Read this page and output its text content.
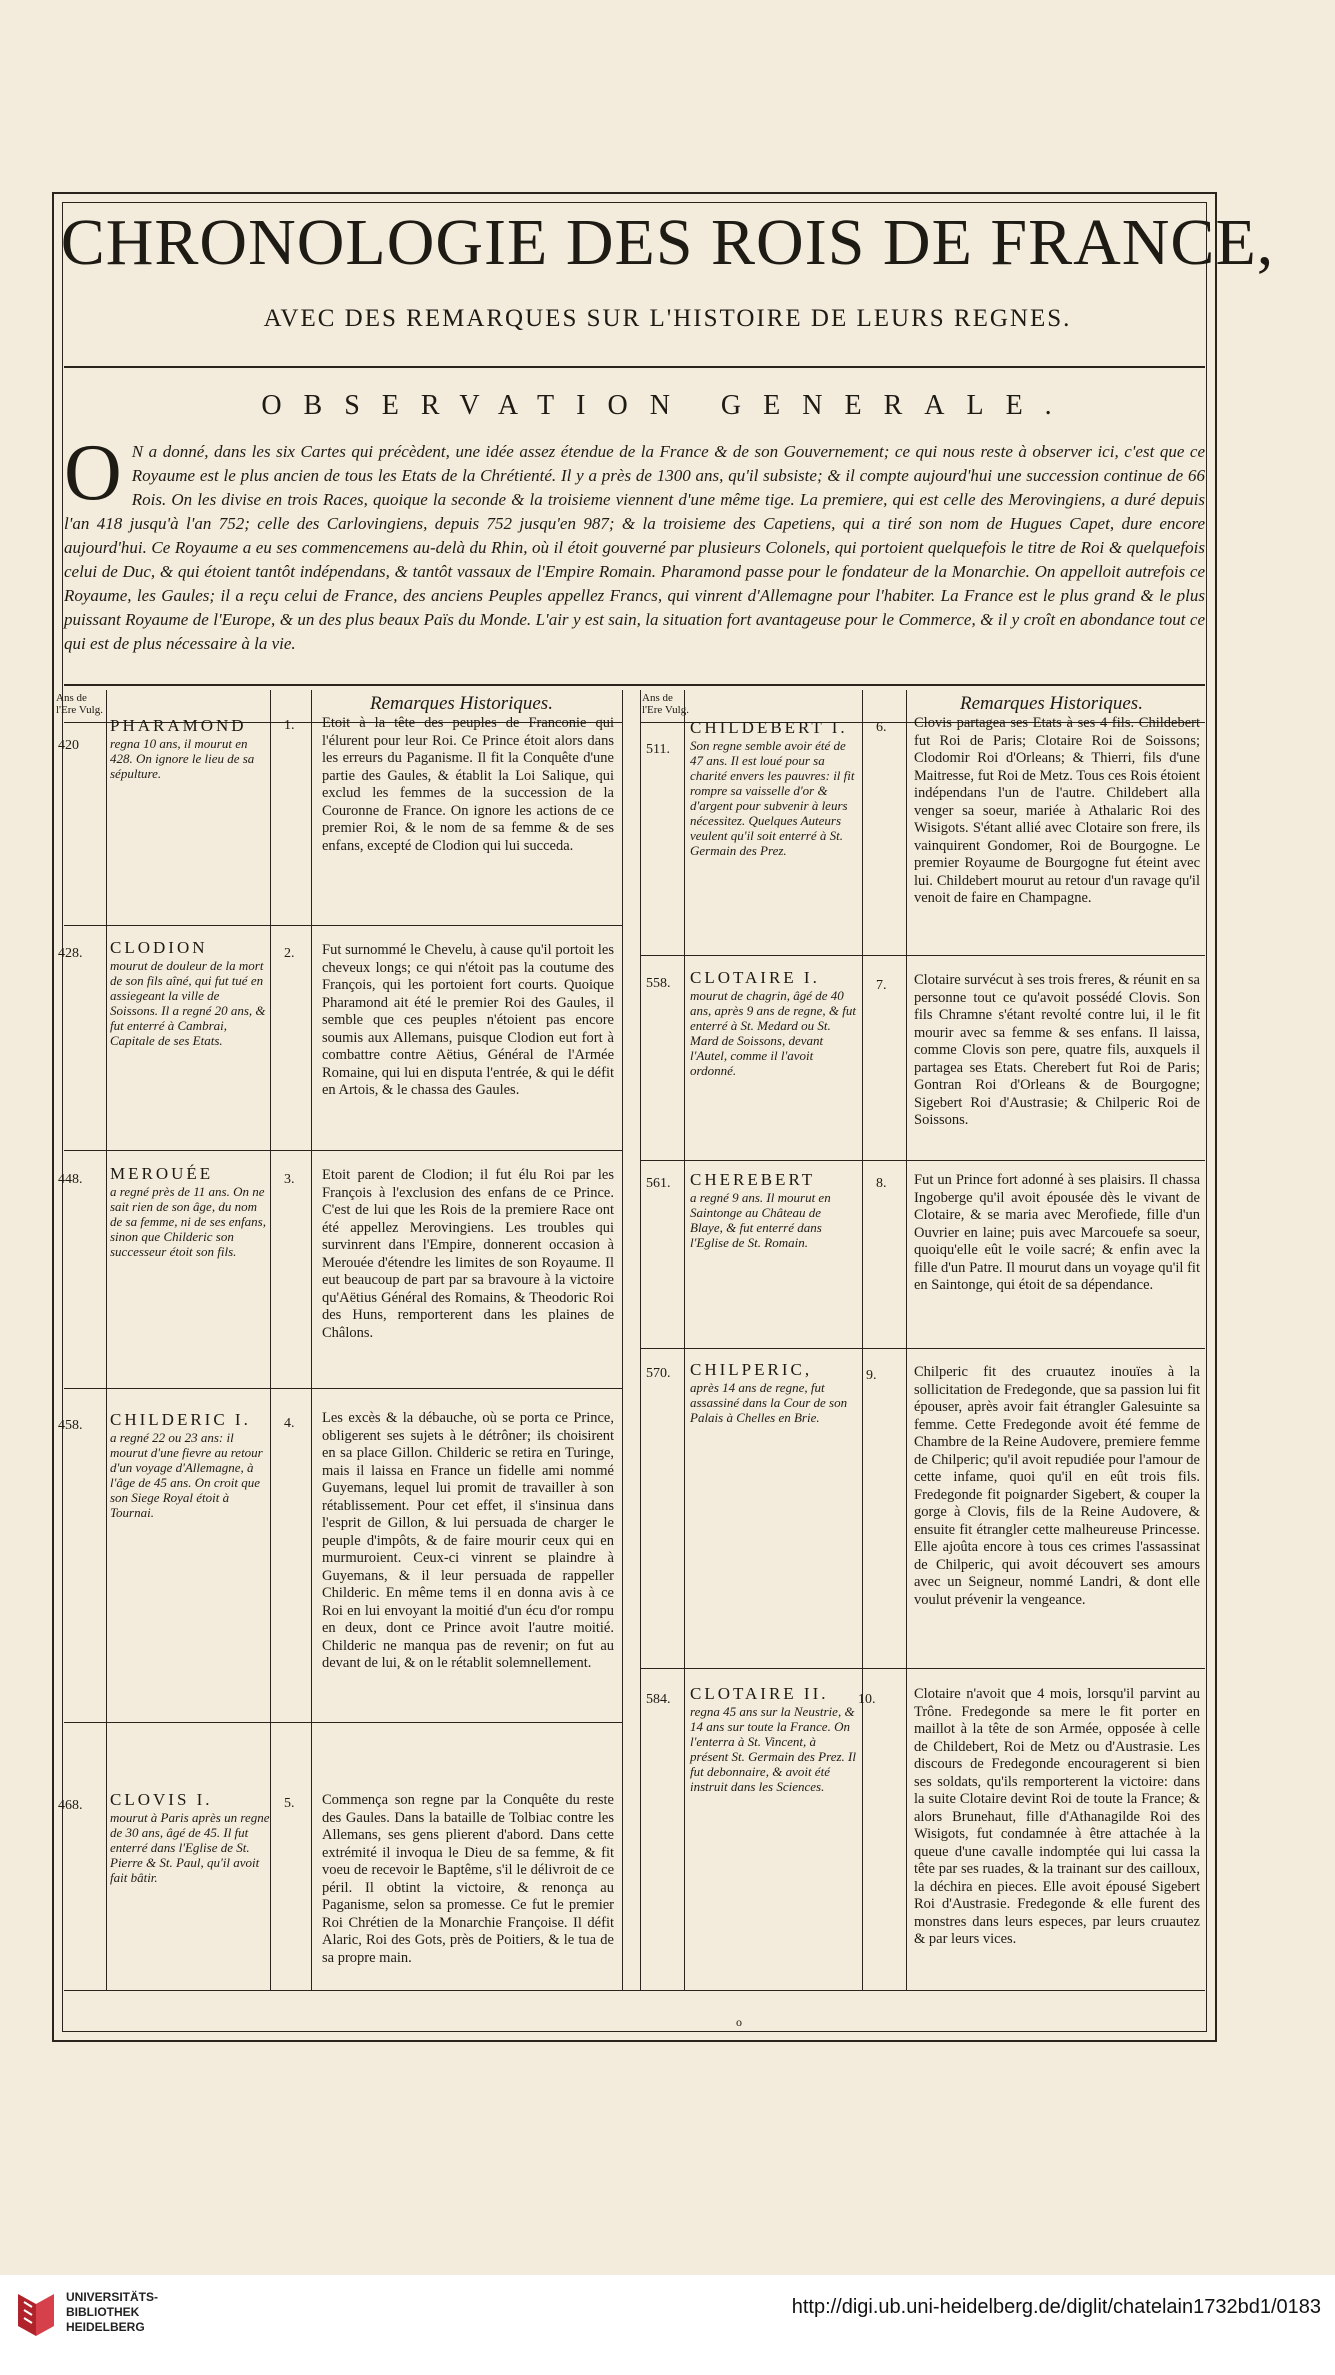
CHRONOLOGIE DES ROIS DE FRANCE,
AVEC DES REMARQUES SUR L'HISTOIRE DE LEURS REGNES.
OBSERVATION GENERALE.
O N a donné, dans les six Cartes qui précèdent, une idée assez étendue de la France & de son Gouvernement; ce qui nous reste à observer ici, c'est que ce Royaume est le plus ancien de tous les Etats de la Chrétienté. Il y a près de 1300 ans, qu'il subsiste; & il compte aujourd'hui une succession continue de 66 Rois. On les divise en trois Races, quoique la seconde & la troisieme viennent d'une même tige. La premiere, qui est celle des Merovingiens, a duré depuis l'an 418 jusqu'à l'an 752; celle des Carlovingiens, depuis 752 jusqu'en 987; & la troisieme des Capetiens, qui a tiré son nom de Hugues Capet, dure encore aujourd'hui. Ce Royaume a eu ses commencemens au-delà du Rhin, où il étoit gouverné par plusieurs Colonels, qui portoient quelquefois le titre de Roi & quelquefois celui de Duc, & qui étoient tantôt indépendans, & tantôt vassaux de l'Empire Romain. Pharamond passe pour le fondateur de la Monarchie. On appelloit autrefois ce Royaume, les Gaules; il a reçu celui de France, des anciens Peuples appellez Francs, qui vinrent d'Allemagne pour l'habiter. La France est le plus grand & le plus puissant Royaume de l'Europe, & un des plus beaux Païs du Monde. L'air y est sain, la situation fort avantageuse pour le Commerce, & il y croît en abondance tout ce qui est de plus nécessaire à la vie.
Ans de l'Ere Vulg.	Remarques Historiques.	Ans de l'Ere Vulg.	Remarques Historiques.
420
PHARAMOND
regna 10 ans, il mourut en 428. On ignore le lieu de sa sépulture.
1. Etoit à la tête des peuples de Franconie qui l'élurent pour leur Roi. Ce Prince étoit alors dans les erreurs du Paganisme. Il fit la Conquête d'une partie des Gaules, & établit la Loi Salique, qui exclud les femmes de la succession de la Couronne de France. On ignore les actions de ce premier Roi, & le nom de sa femme & de ses enfans, excepté de Clodion qui lui succeda.
428. CLODION
mourut de douleur de la mort de son fils aîné, qui fut tué en assiegeant la ville de Soissons. Il a regné 20 ans, & fut enterré à Cambrai, Capitale de ses Etats.
2. Fut surnommé le Chevelu, à cause qu'il portoit les cheveux longs; ce qui n'étoit pas la coutume des François, qui les portoient fort courts. Quoique Pharamond ait été le premier Roi des Gaules, il semble que ces peuples n'étoient pas encore soumis aux Allemans, puisque Clodion eut fort à combattre contre Aëtius, Général de l'Armée Romaine, qui lui en disputa l'entrée, & qui le défit en Artois, & le chassa des Gaules.
448. MEROUÉE
a regné près de 11 ans. On ne sait rien de son âge, du nom de sa femme, ni de ses enfans, sinon que Childeric son successeur étoit son fils.
3. Etoit parent de Clodion; il fut élu Roi par les François à l'exclusion des enfans de ce Prince. C'est de lui que les Rois de la premiere Race ont été appellez Merovingiens. Les troubles qui survinrent dans l'Empire, donnerent occasion à Merouée d'étendre les limites de son Royaume. Il eut beaucoup de part par sa bravoure à la victoire qu'Aëtius Général des Romains, & Theodoric Roi des Huns, remporterent dans les plaines de Châlons.
458. CHILDERIC I.
a regné 22 ou 23 ans: il mourut d'une fievre au retour d'un voyage d'Allemagne, à l'âge de 45 ans. On croit que son Siege Royal étoit à Tournai.
4. Les excès & la débauche, où se porta ce Prince, obligerent ses sujets à le détrôner; ils choisirent en sa place Gillon. Childeric se retira en Turinge, mais il laissa en France un fidelle ami nommé Guyemans, lequel lui promit de travailler à son rétablissement. Pour cet effet, il s'insinua dans l'esprit de Gillon, & lui persuada de charger le peuple d'impôts, & de faire mourir ceux qui en murmuroient. Ceux-ci vinrent se plaindre à Guyemans, & il leur persuada de rappeller Childeric. En même tems il en donna avis à ce Roi en lui envoyant la moitié d'un écu d'or rompu en deux, dont ce Prince avoit l'autre moitié. Childeric ne manqua pas de revenir; on fut au devant de lui, & on le rétablit solemnellement.
468. CLOVIS I.
mourut à Paris après un regne de 30 ans, âgé de 45. Il fut enterré dans l'Eglise de St. Pierre & St. Paul, qu'il avoit fait bâtir.
5. Commença son regne par la Conquête du reste des Gaules. Dans la bataille de Tolbiac contre les Allemans, ses gens plierent d'abord. Dans cette extrémité il invoqua le Dieu de sa femme, & fit voeu de recevoir le Baptême, s'il le délivroit de ce péril. Il obtint la victoire, & renonça au Paganisme, selon sa promesse. Ce fut le premier Roi Chrétien de la Monarchie Françoise. Il défit Alaric, Roi des Gots, près de Poitiers, & le tua de sa propre main.
511.
CHILDEBERT I.
Son regne semble avoir été de 47 ans. Il est loué pour sa charité envers les pauvres: il fit rompre sa vaisselle d'or & d'argent pour subvenir à leurs nécessitez. Quelques Auteurs veulent qu'il soit enterré à St. Germain des Prez.
6. Clovis partagea ses Etats à ses 4 fils. Childebert fut Roi de Paris; Clotaire Roi de Soissons; Clodomir Roi d'Orleans; & Thierri, fils d'une Maitresse, fut Roi de Metz. Tous ces Rois étoient indépendans l'un de l'autre. Childebert alla venger sa soeur, mariée à Athalaric Roi des Wisigots. S'étant allié avec Clotaire son frere, ils vainquirent Gondomer, Roi de Bourgogne. Le premier Royaume de Bourgogne fut éteint avec lui. Childebert mourut au retour d'un ravage qu'il venoit de faire en Champagne.
558. CLOTAIRE I.
mourut de chagrin, âgé de 40 ans, après 9 ans de regne, & fut enterré à St. Medard ou St. Mard de Soissons, devant l'Autel, comme il l'avoit ordonné.
7. Clotaire survécut à ses trois freres, & réunit en sa personne tout ce qu'avoit possédé Clovis. Son fils Chramne s'étant revolté contre lui, il le fit mourir avec sa femme & ses enfans. Il laissa, comme Clovis son pere, quatre fils, auxquels il partagea ses Etats. Cherebert fut Roi de Paris; Gontran Roi d'Orleans & de Bourgogne; Sigebert Roi d'Austrasie; & Chilperic Roi de Soissons.
561. CHEREBERT
a regné 9 ans. Il mourut en Saintonge au Château de Blaye, & fut enterré dans l'Eglise de St. Romain.
8. Fut un Prince fort adonné à ses plaisirs. Il chassa Ingoberge qu'il avoit épousée dès le vivant de Clotaire, & se maria avec Merofiede, fille d'un Ouvrier en laine; puis avec Marcouefe sa soeur, quoiqu'elle eût le voile sacré; & enfin avec la fille d'un Patre. Il mourut dans un voyage qu'il fit en Saintonge, qui étoit de sa dépendance.
570. CHILPERIC,
après 14 ans de regne, fut assassiné dans la Cour de son Palais à Chelles en Brie.
9.	Chilperic fit des cruautez inouïes à la sollicitation de Fredegonde, que sa passion lui fit épouser, après avoir fait étrangler Galesuinte sa femme. Cette Fredegonde avoit été femme de Chambre de la Reine Audovere, premiere femme de Chilperic; qu'il avoit repudiée pour l'amour de cette infame, quoi qu'il en eût trois fils. Fredegonde fit poignarder Sigebert, & couper la gorge à Clovis, fils de la Reine Audovere, & ensuite fit étrangler cette malheureuse Princesse. Elle ajoûta encore à tous ces crimes l'assassinat de Chilperic, qui avoit découvert ses amours avec un Seigneur, nommé Landri, & dont elle voulut prévenir la vengeance.
584. CLOTAIRE II.
regna 45 ans sur la Neustrie, & 14 ans sur toute la France. On l'enterra à St. Vincent, à présent St. Germain des Prez. Il fut debonnaire, & avoit été instruit dans les Sciences.
10.	Clotaire n'avoit que 4 mois, lorsqu'il parvint au Trône. Fredegonde sa mere le fit porter en maillot à la tête de son Armée, opposée à celle de Childebert, Roi de Metz ou d'Austrasie. Les discours de Fredegonde encouragerent si bien ses soldats, qu'ils remporterent la victoire: dans la suite Clotaire devint Roi de toute la France; & alors Brunehaut, fille d'Athanagilde Roi des Wisigots, fut condamnée à être attachée à la queue d'une cavalle indomptée qui lui cassa la tête par ses ruades, & la trainant sur des cailloux, la déchira en pieces. Elle avoit épousé Sigebert Roi d'Austrasie. Fredegonde & elle furent des monstres dans leurs especes, par leurs cruautez & par leurs vices.
o
UNIVERSITÄTS-
BIBLIOTHEK
HEIDELBERG
http://digi.ub.uni-heidelberg.de/diglit/chatelain1732bd1/0183
